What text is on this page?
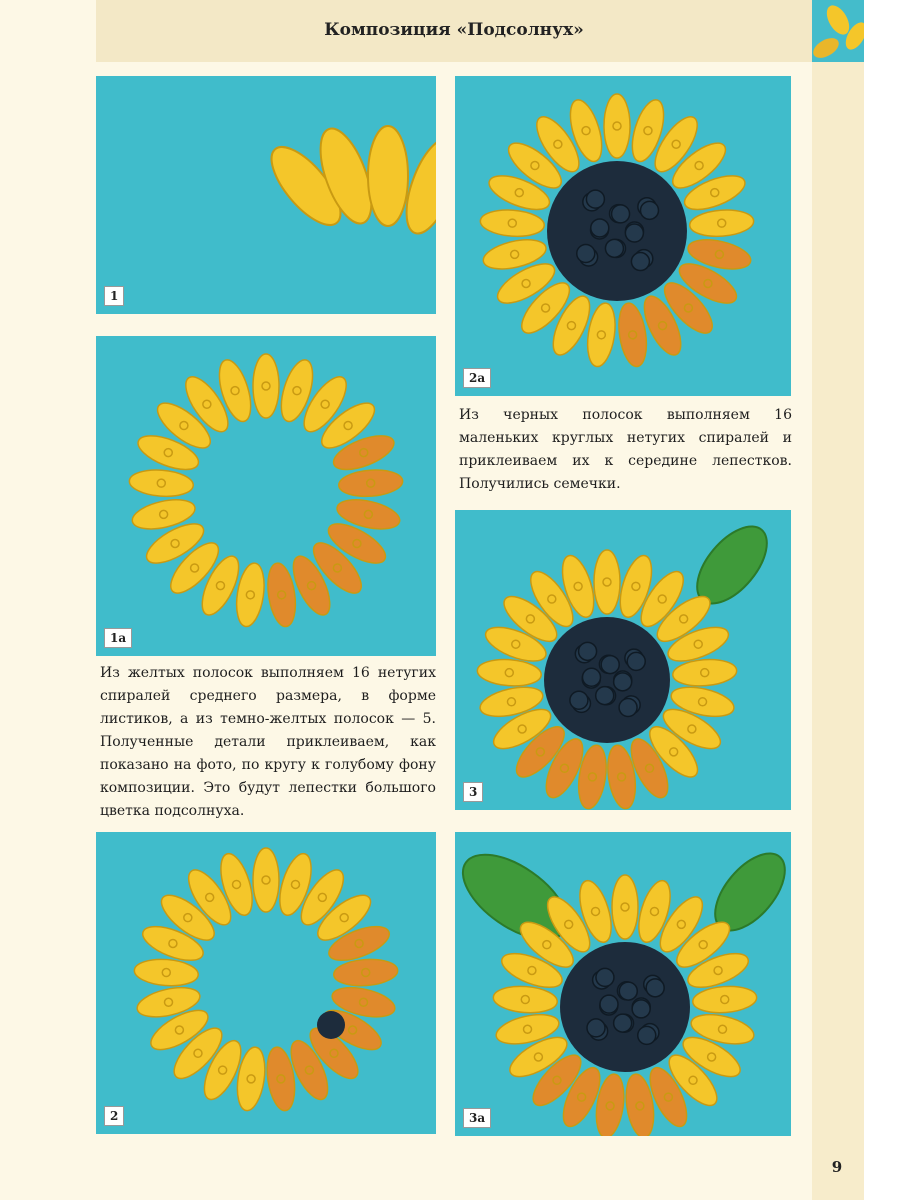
Композиция «Подсолнух»
1
1а
Из желтых полосок выполняем 16 нетугих спиралей среднего размера, в форме листиков, а из темно-желтых полосок — 5. Полученные детали приклеиваем, как показано на фото, по кругу к голубому фону композиции. Это будут лепестки большого цветка подсолнуха.
2
2а
Из черных полосок выполняем 16 маленьких круглых нетугих спиралей и приклеиваем их к середине лепестков. Получились семечки.
3
3а
9
